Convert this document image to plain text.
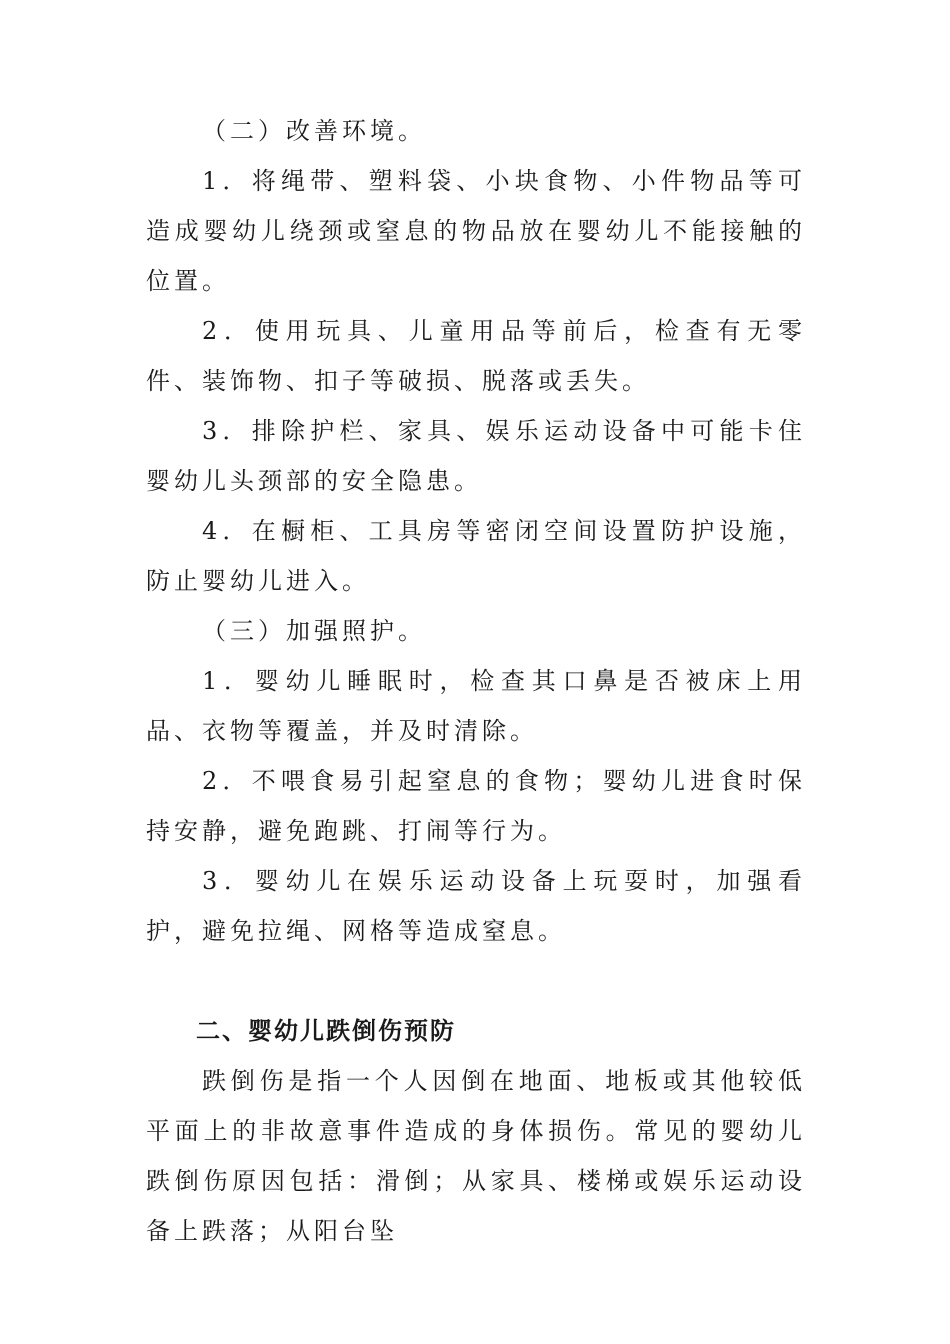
（二）改善环境。

1．将绳带、塑料袋、小块食物、小件物品等可造成婴幼儿绕颈或窒息的物品放在婴幼儿不能接触的位置。

2．使用玩具、儿童用品等前后，检查有无零件、装饰物、扣子等破损、脱落或丢失。

3．排除护栏、家具、娱乐运动设备中可能卡住婴幼儿头颈部的安全隐患。

4．在橱柜、工具房等密闭空间设置防护设施，防止婴幼儿进入。

（三）加强照护。

1．婴幼儿睡眠时，检查其口鼻是否被床上用品、衣物等覆盖，并及时清除。

2．不喂食易引起窒息的食物；婴幼儿进食时保持安静，避免跑跳、打闹等行为。

3．婴幼儿在娱乐运动设备上玩耍时，加强看护，避免拉绳、网格等造成窒息。

二、婴幼儿跌倒伤预防

跌倒伤是指一个人因倒在地面、地板或其他较低平面上的非故意事件造成的身体损伤。常见的婴幼儿跌倒伤原因包括：滑倒；从家具、楼梯或娱乐运动设备上跌落；从阳台坠
